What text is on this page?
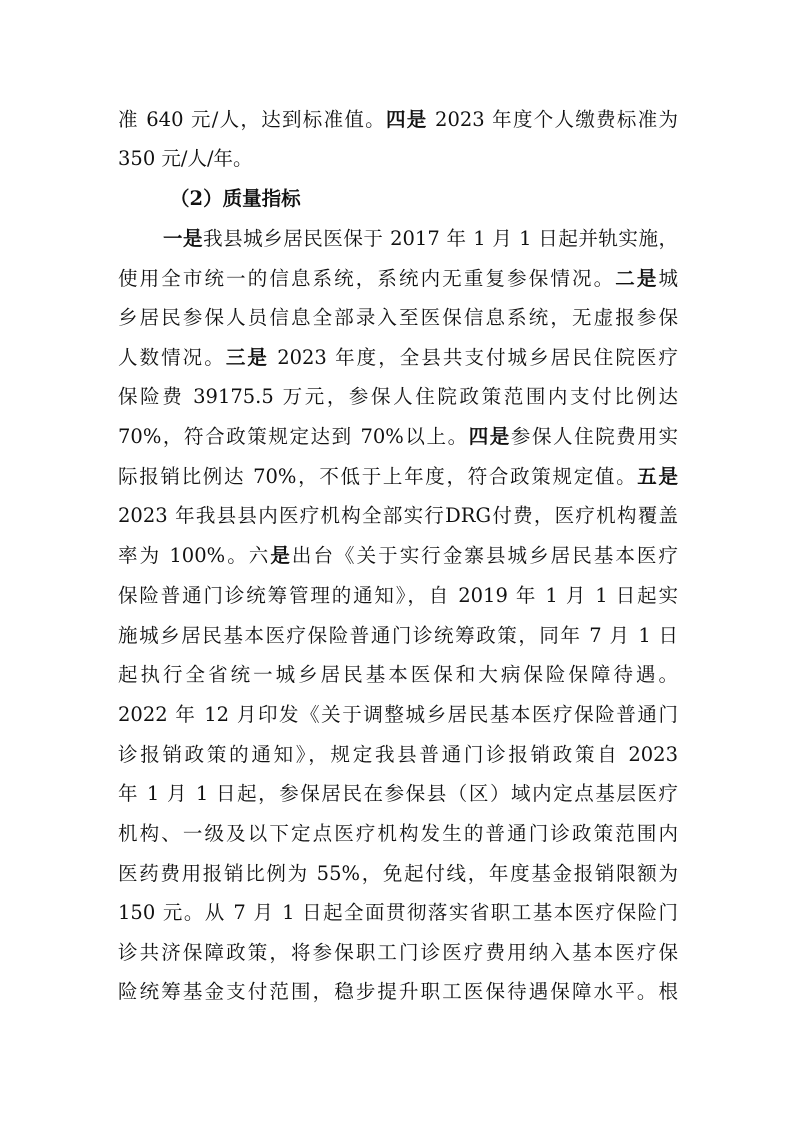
准 640 元/人，达到标准值。四是 2023 年度个人缴费标准为
350 元/人/年。
（2）质量指标
一是我县城乡居民医保于 2017 年 1 月 1 日起并轨实施，
使用全市统一的信息系统，系统内无重复参保情况。二是城
乡居民参保人员信息全部录入至医保信息系统，无虚报参保
人数情况。三是 2023 年度，全县共支付城乡居民住院医疗
保险费 39175.5 万元，参保人住院政策范围内支付比例达
70%，符合政策规定达到 70%以上。四是参保人住院费用实
际报销比例达 70%，不低于上年度，符合政策规定值。五是
2023 年我县县内医疗机构全部实行DRG付费，医疗机构覆盖
率为 100%。六是出台《关于实行金寨县城乡居民基本医疗
保险普通门诊统筹管理的通知》，自 2019 年 1 月 1 日起实
施城乡居民基本医疗保险普通门诊统筹政策，同年 7 月 1 日
起执行全省统一城乡居民基本医保和大病保险保障待遇。
2022 年 12 月印发《关于调整城乡居民基本医疗保险普通门
诊报销政策的通知》，规定我县普通门诊报销政策自 2023
年 1 月 1 日起，参保居民在参保县（区）域内定点基层医疗
机构、一级及以下定点医疗机构发生的普通门诊政策范围内
医药费用报销比例为 55%，免起付线，年度基金报销限额为
150 元。从 7 月 1 日起全面贯彻落实省职工基本医疗保险门
诊共济保障政策，将参保职工门诊医疗费用纳入基本医疗保
险统筹基金支付范围，稳步提升职工医保待遇保障水平。根
